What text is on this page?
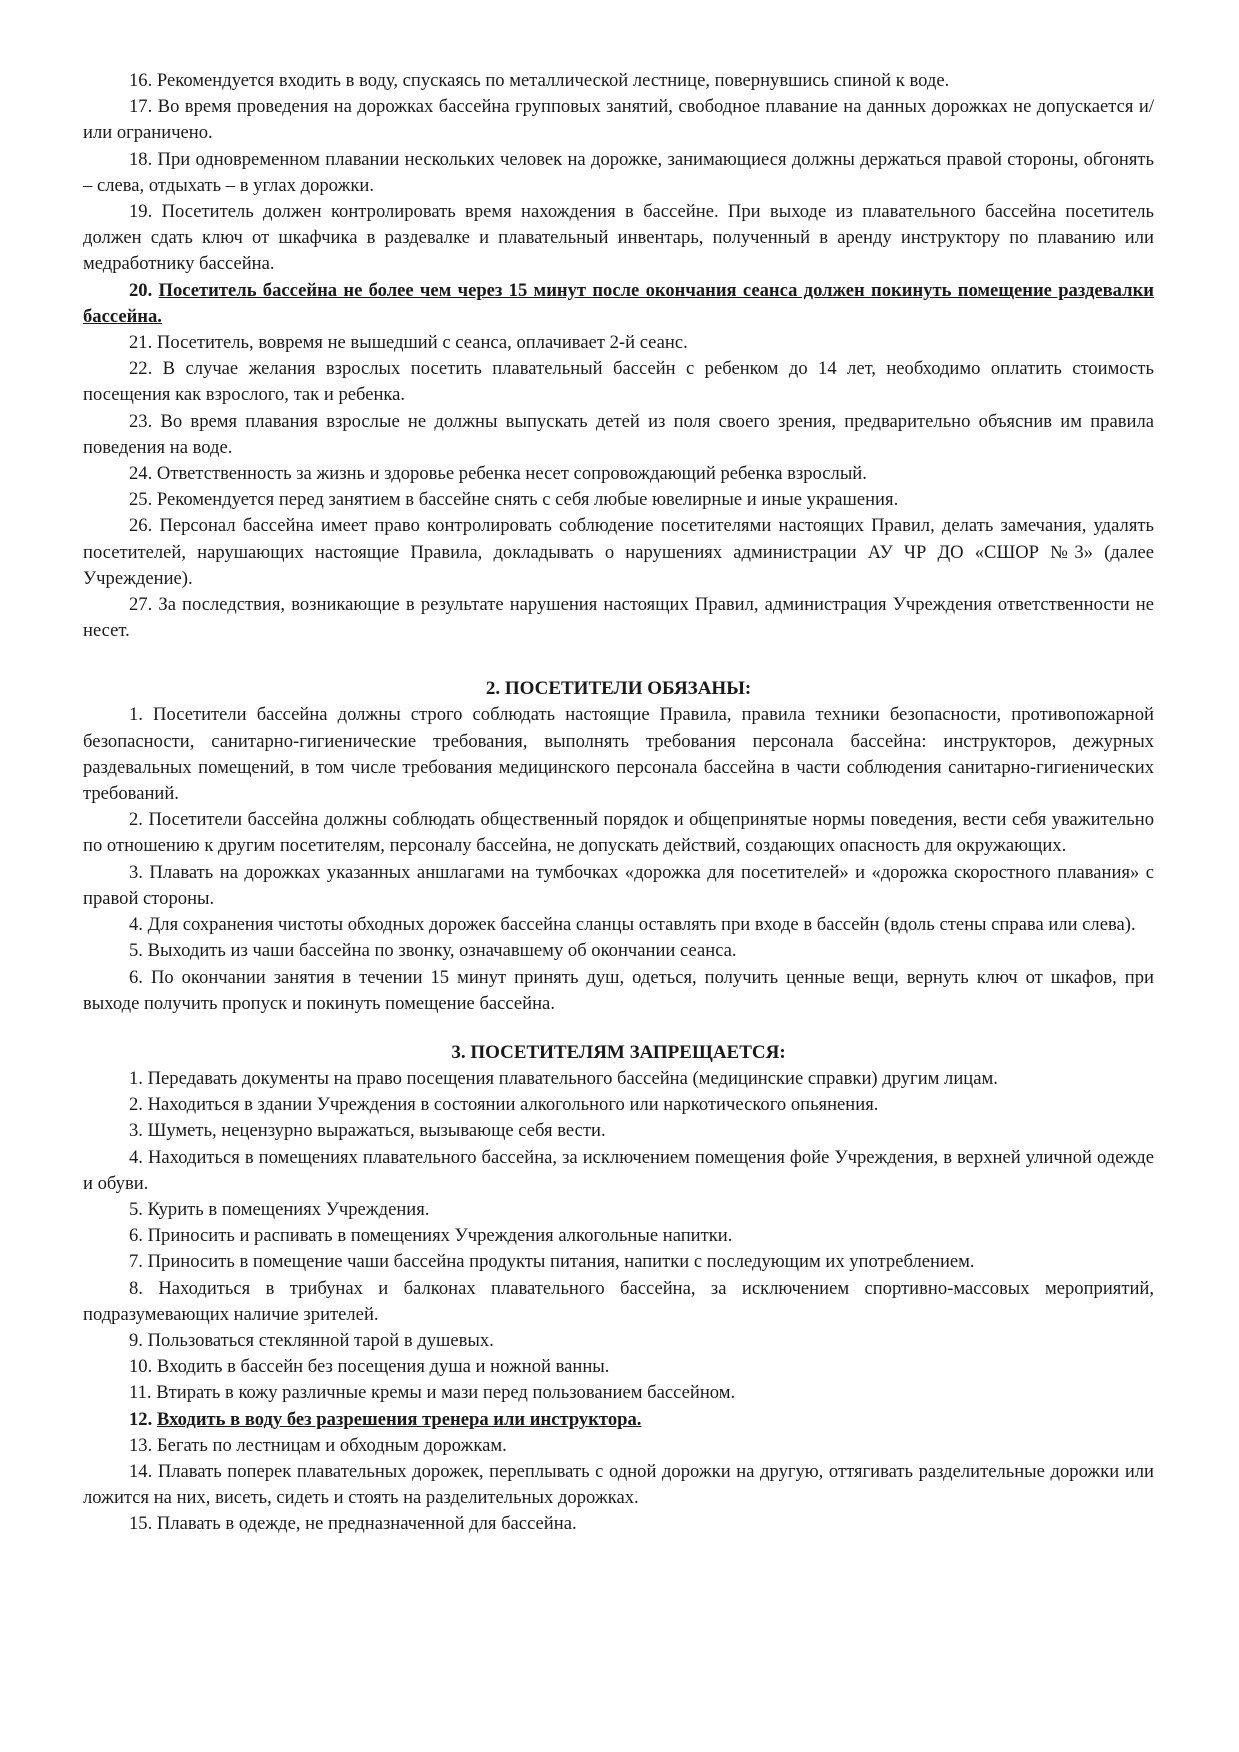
16. Рекомендуется входить в воду, спускаясь по металлической лестнице, повернувшись спиной к воде.

17. Во время проведения на дорожках бассейна групповых занятий, свободное плавание на данных дорожках не допускается и/или ограничено.

18. При одновременном плавании нескольких человек на дорожке, занимающиеся должны держаться правой стороны, обгонять – слева, отдыхать – в углах дорожки.

19. Посетитель должен контролировать время нахождения в бассейне. При выходе из плавательного бассейна посетитель должен сдать ключ от шкафчика в раздевалке и плавательный инвентарь, полученный в аренду инструктору по плаванию или медработнику бассейна.

20. Посетитель бассейна не более чем через 15 минут после окончания сеанса должен покинуть помещение раздевалки бассейна.

21. Посетитель, вовремя не вышедший с сеанса, оплачивает 2-й сеанс.

22. В случае желания взрослых посетить плавательный бассейн с ребенком до 14 лет, необходимо оплатить стоимость посещения как взрослого, так и ребенка.

23. Во время плавания взрослые не должны выпускать детей из поля своего зрения, предварительно объяснив им правила поведения на воде.

24. Ответственность за жизнь и здоровье ребенка несет сопровождающий ребенка взрослый.

25. Рекомендуется перед занятием в бассейне снять с себя любые ювелирные и иные украшения.

26. Персонал бассейна имеет право контролировать соблюдение посетителями настоящих Правил, делать замечания, удалять посетителей, нарушающих настоящие Правила, докладывать о нарушениях администрации АУ ЧР ДО «СШОР №3» (далее Учреждение).

27. За последствия, возникающие в результате нарушения настоящих Правил, администрация Учреждения ответственности не несет.

2. ПОСЕТИТЕЛИ ОБЯЗАНЫ:

1. Посетители бассейна должны строго соблюдать настоящие Правила, правила техники безопасности, противопожарной безопасности, санитарно-гигиенические требования, выполнять требования персонала бассейна: инструкторов, дежурных раздевальных помещений, в том числе требования медицинского персонала бассейна в части соблюдения санитарно-гигиенических требований.

2. Посетители бассейна должны соблюдать общественный порядок и общепринятые нормы поведения, вести себя уважительно по отношению к другим посетителям, персоналу бассейна, не допускать действий, создающих опасность для окружающих.

3. Плавать на дорожках указанных аншлагами на тумбочках «дорожка для посетителей» и «дорожка скоростного плавания» с правой стороны.

4. Для сохранения чистоты обходных дорожек бассейна сланцы оставлять при входе в бассейн (вдоль стены справа или слева).

5. Выходить из чаши бассейна по звонку, означавшему об окончании сеанса.

6. По окончании занятия в течении 15 минут принять душ, одеться, получить ценные вещи, вернуть ключ от шкафов, при выходе получить пропуск и покинуть помещение бассейна.

3. ПОСЕТИТЕЛЯМ ЗАПРЕЩАЕТСЯ:

1. Передавать документы на право посещения плавательного бассейна (медицинские справки) другим лицам.

2. Находиться в здании Учреждения в состоянии алкогольного или наркотического опьянения.

3. Шуметь, нецензурно выражаться, вызывающе себя вести.

4. Находиться в помещениях плавательного бассейна, за исключением помещения фойе Учреждения, в верхней уличной одежде и обуви.

5. Курить в помещениях Учреждения.

6. Приносить и распивать в помещениях Учреждения алкогольные напитки.

7. Приносить в помещение чаши бассейна продукты питания, напитки с последующим их употреблением.

8. Находиться в трибунах и балконах плавательного бассейна, за исключением спортивно-массовых мероприятий, подразумевающих наличие зрителей.

9. Пользоваться стеклянной тарой в душевых.

10. Входить в бассейн без посещения душа и ножной ванны.

11. Втирать в кожу различные кремы и мази перед пользованием бассейном.

12. Входить в воду без разрешения тренера или инструктора.

13. Бегать по лестницам и обходным дорожкам.

14. Плавать поперек плавательных дорожек, переплывать с одной дорожки на другую, оттягивать разделительные дорожки или ложится на них, висеть, сидеть и стоять на разделительных дорожках.

15. Плавать в одежде, не предназначенной для бассейна.
